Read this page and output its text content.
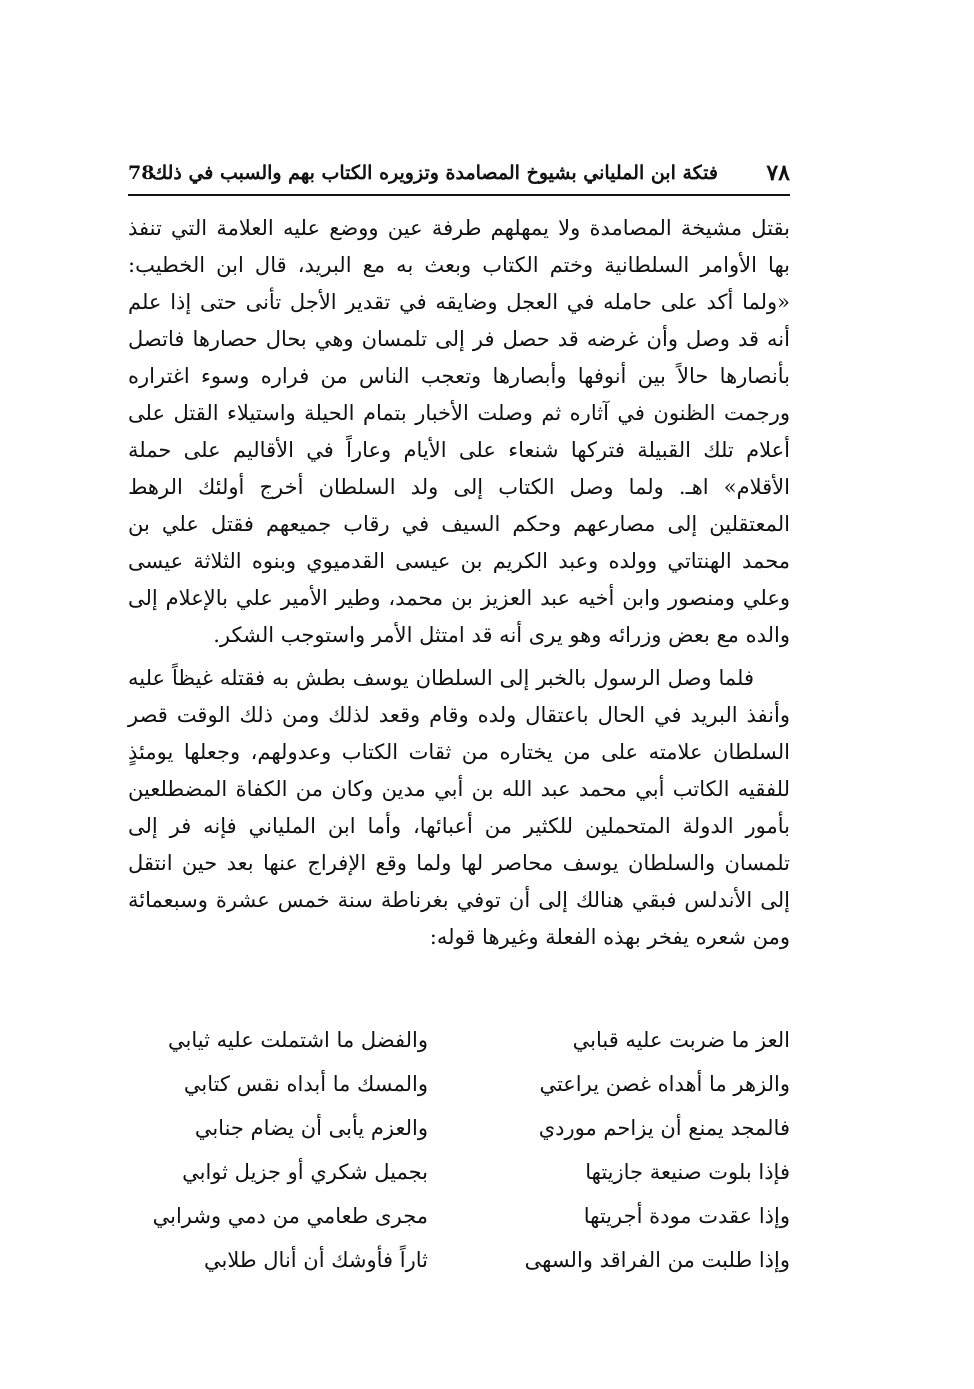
78
فتكة ابن الملياني بشيوخ المصامدة وتزويره الكتاب بهم والسبب في ذلك ٧٨

بقتل مشيخة المصامدة ولا يمهلهم طرفة عين ووضع عليه العلامة التي تنفذ بها الأوامر السلطانية وختم الكتاب وبعث به مع البريد، قال ابن الخطيب: «ولما أكد على حامله في العجل وضايقه في تقدير الأجل تأنى حتى إذا علم أنه قد وصل وأن غرضه قد حصل فر إلى تلمسان وهي بحال حصارها فاتصل بأنصارها حالاً بين أنوفها وأبصارها وتعجب الناس من فراره وسوء اغتراره ورجمت الظنون في آثاره ثم وصلت الأخبار بتمام الحيلة واستيلاء القتل على أعلام تلك القبيلة فتركها شنعاء على الأيام وعاراً في الأقاليم على حملة الأقلام» اهـ. ولما وصل الكتاب إلى ولد السلطان أخرج أولئك الرهط المعتقلين إلى مصارعهم وحكم السيف في رقاب جميعهم فقتل علي بن محمد الهنتاتي وولده وعبد الكريم بن عيسى القدميوي وبنوه الثلاثة عيسى وعلي ومنصور وابن أخيه عبد العزيز بن محمد، وطير الأمير علي بالإعلام إلى والده مع بعض وزرائه وهو يرى أنه قد امتثل الأمر واستوجب الشكر.

فلما وصل الرسول بالخبر إلى السلطان يوسف بطش به فقتله غيظاً عليه وأنفذ البريد في الحال باعتقال ولده وقام وقعد لذلك ومن ذلك الوقت قصر السلطان علامته على من يختاره من ثقات الكتاب وعدولهم، وجعلها يومئذٍ للفقيه الكاتب أبي محمد عبد الله بن أبي مدين وكان من الكفاة المضطلعين بأمور الدولة المتحملين للكثير من أعبائها، وأما ابن الملياني فإنه فر إلى تلمسان والسلطان يوسف محاصر لها ولما وقع الإفراج عنها بعد حين انتقل إلى الأندلس فبقي هنالك إلى أن توفي بغرناطة سنة خمس عشرة وسبعمائة ومن شعره يفخر بهذه الفعلة وغيرها قوله:

العز ما ضربت عليه قبابي
والفضل ما اشتملت عليه ثيابي
والزهر ما أهداه غصن يراعتي
والمسك ما أبداه نقس كتابي
فالمجد يمنع أن يزاحم موردي
والعزم يأبى أن يضام جنابي
فإذا بلوت صنيعة جازيتها
بجميل شكري أو جزيل ثوابي
وإذا عقدت مودة أجريتها
مجرى طعامي من دمي وشرابي
وإذا طلبت من الفراقد والسهى
ثاراً فأوشك أن أنال طلابي
